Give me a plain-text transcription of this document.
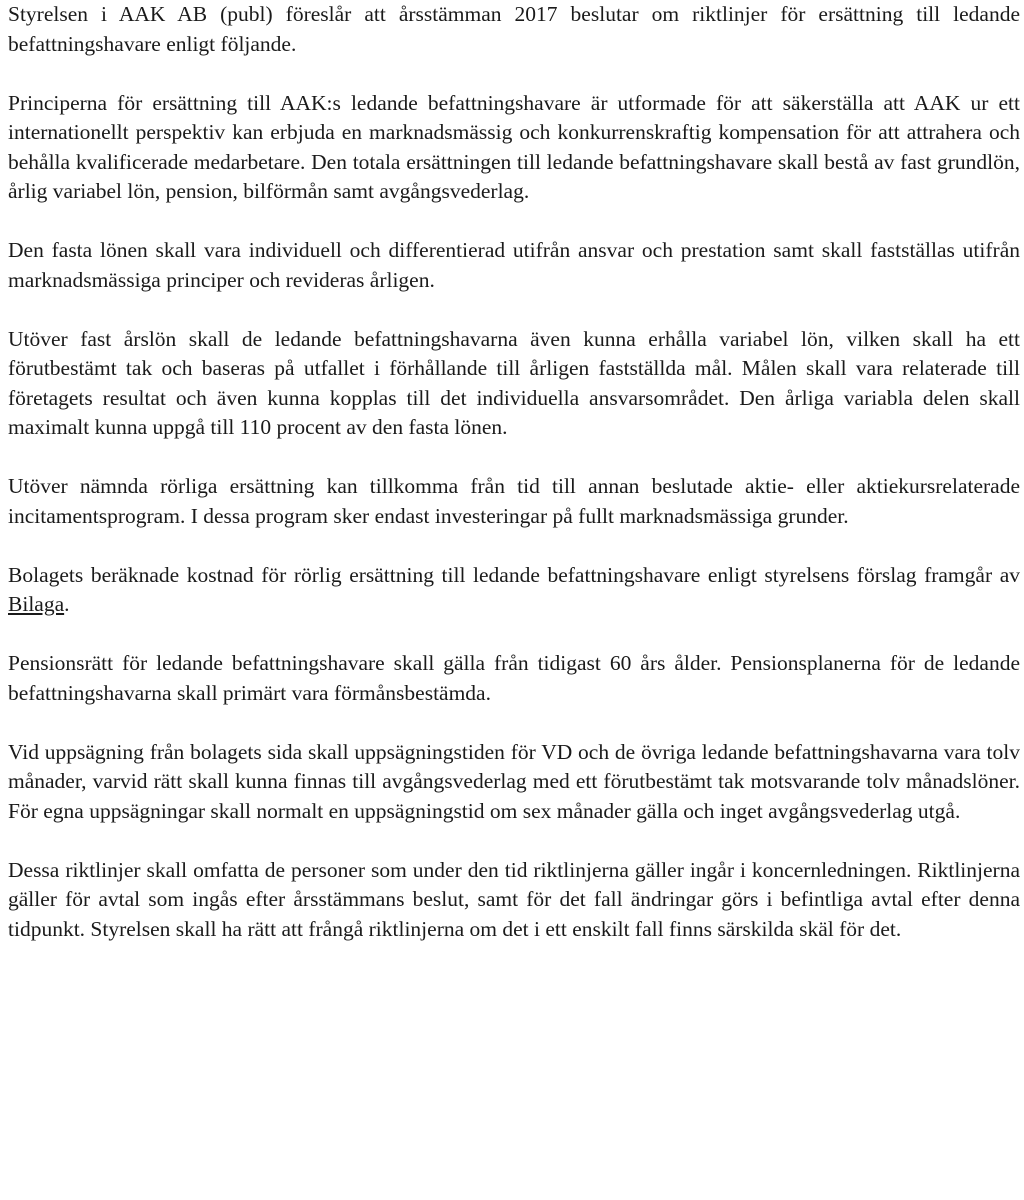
Styrelsen i AAK AB (publ) föreslår att årsstämman 2017 beslutar om riktlinjer för ersättning till ledande befattningshavare enligt följande.

Principerna för ersättning till AAK:s ledande befattningshavare är utformade för att säkerställa att AAK ur ett internationellt perspektiv kan erbjuda en marknadsmässig och konkurrenskraftig kompensation för att attrahera och behålla kvalificerade medarbetare. Den totala ersättningen till ledande befattningshavare skall bestå av fast grundlön, årlig variabel lön, pension, bilförmån samt avgångsvederlag.

Den fasta lönen skall vara individuell och differentierad utifrån ansvar och prestation samt skall fastställas utifrån marknadsmässiga principer och revideras årligen.

Utöver fast årslön skall de ledande befattningshavarna även kunna erhålla variabel lön, vilken skall ha ett förutbestämt tak och baseras på utfallet i förhållande till årligen fastställda mål. Målen skall vara relaterade till företagets resultat och även kunna kopplas till det individuella ansvarsområdet. Den årliga variabla delen skall maximalt kunna uppgå till 110 procent av den fasta lönen.

Utöver nämnda rörliga ersättning kan tillkomma från tid till annan beslutade aktie- eller aktiekursrelaterade incitamentsprogram. I dessa program sker endast investeringar på fullt marknadsmässiga grunder.

Bolagets beräknade kostnad för rörlig ersättning till ledande befattningshavare enligt styrelsens förslag framgår av Bilaga.

Pensionsrätt för ledande befattningshavare skall gälla från tidigast 60 års ålder. Pensionsplanerna för de ledande befattningshavarna skall primärt vara förmånsbestämda.

Vid uppsägning från bolagets sida skall uppsägningstiden för VD och de övriga ledande befattningshavarna vara tolv månader, varvid rätt skall kunna finnas till avgångsvederlag med ett förutbestämt tak motsvarande tolv månadslöner. För egna uppsägningar skall normalt en uppsägningstid om sex månader gälla och inget avgångsvederlag utgå.

Dessa riktlinjer skall omfatta de personer som under den tid riktlinjerna gäller ingår i koncernledningen. Riktlinjerna gäller för avtal som ingås efter årsstämmans beslut, samt för det fall ändringar görs i befintliga avtal efter denna tidpunkt. Styrelsen skall ha rätt att frångå riktlinjerna om det i ett enskilt fall finns särskilda skäl för det.
